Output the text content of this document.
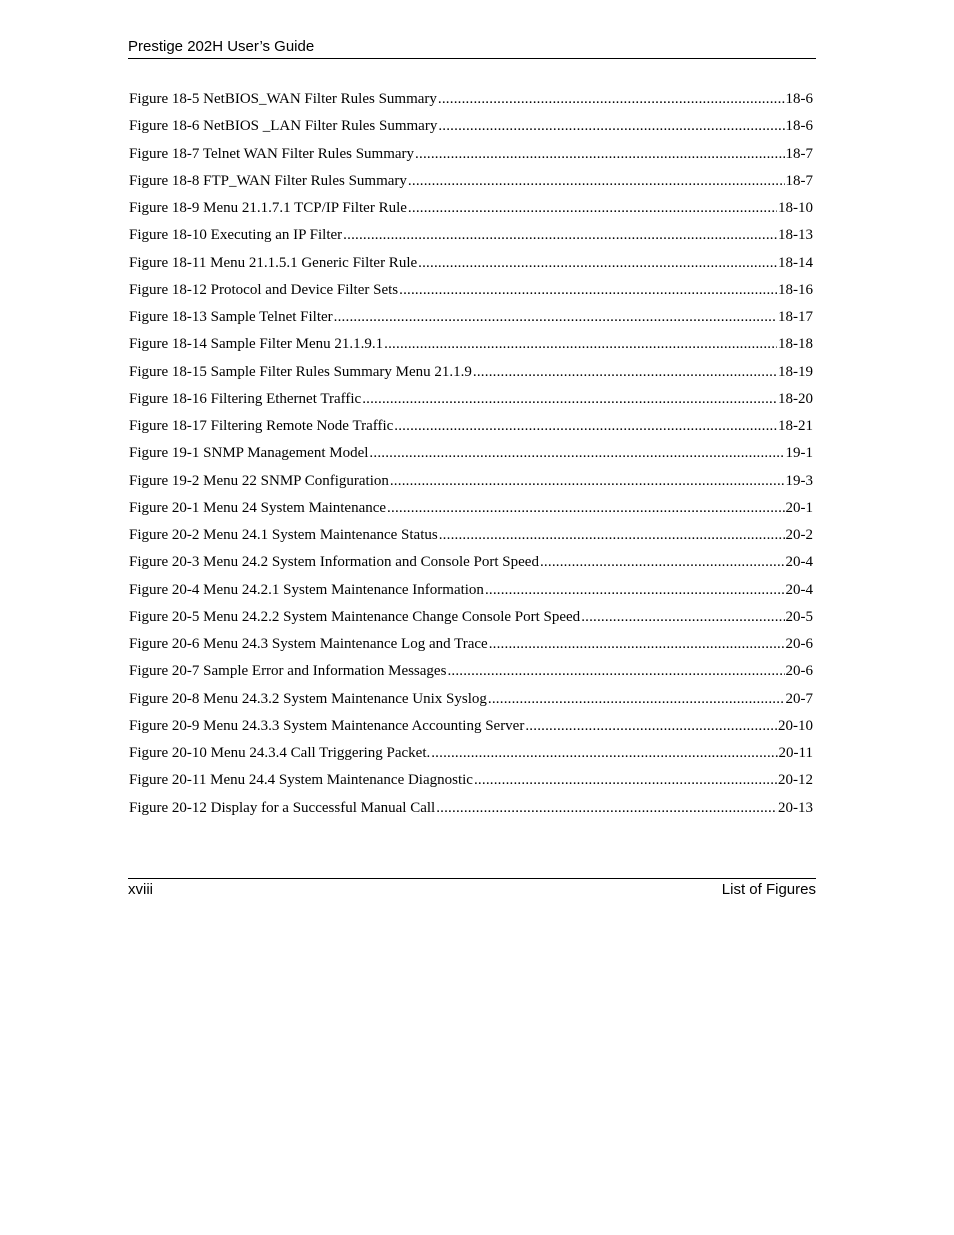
Prestige 202H User’s Guide
Figure 18-5 NetBIOS_WAN Filter Rules Summary .....	18-6
Figure 18-6 NetBIOS _LAN Filter Rules Summary .....	18-6
Figure 18-7 Telnet WAN Filter Rules Summary .....	18-7
Figure 18-8 FTP_WAN Filter Rules Summary .....	18-7
Figure 18-9 Menu 21.1.7.1 TCP/IP Filter Rule .....	18-10
Figure 18-10 Executing an IP Filter .....	18-13
Figure 18-11 Menu 21.1.5.1 Generic Filter Rule .....	18-14
Figure 18-12 Protocol and Device Filter Sets .....	18-16
Figure 18-13 Sample Telnet Filter .....	18-17
Figure 18-14 Sample Filter Menu 21.1.9.1 .....	18-18
Figure 18-15 Sample Filter Rules Summary Menu 21.1.9 .....	18-19
Figure 18-16 Filtering Ethernet Traffic .....	18-20
Figure 18-17 Filtering Remote Node Traffic .....	18-21
Figure 19-1 SNMP Management Model .....	19-1
Figure 19-2 Menu 22 SNMP Configuration .....	19-3
Figure 20-1 Menu 24 System Maintenance .....	20-1
Figure 20-2 Menu 24.1 System Maintenance Status .....	20-2
Figure 20-3 Menu 24.2 System Information and Console Port Speed .....	20-4
Figure 20-4 Menu 24.2.1 System Maintenance Information .....	20-4
Figure 20-5 Menu 24.2.2 System Maintenance Change Console Port Speed .....	20-5
Figure 20-6 Menu 24.3 System Maintenance Log and Trace .....	20-6
Figure 20-7 Sample Error and Information Messages .....	20-6
Figure 20-8 Menu 24.3.2 System Maintenance Unix Syslog .....	20-7
Figure 20-9 Menu 24.3.3 System Maintenance Accounting Server .....	20-10
Figure 20-10 Menu 24.3.4 Call Triggering Packet. .....	20-11
Figure 20-11 Menu 24.4 System Maintenance Diagnostic .....	20-12
Figure 20-12 Display for a Successful Manual Call .....	20-13
xviii	List of Figures
